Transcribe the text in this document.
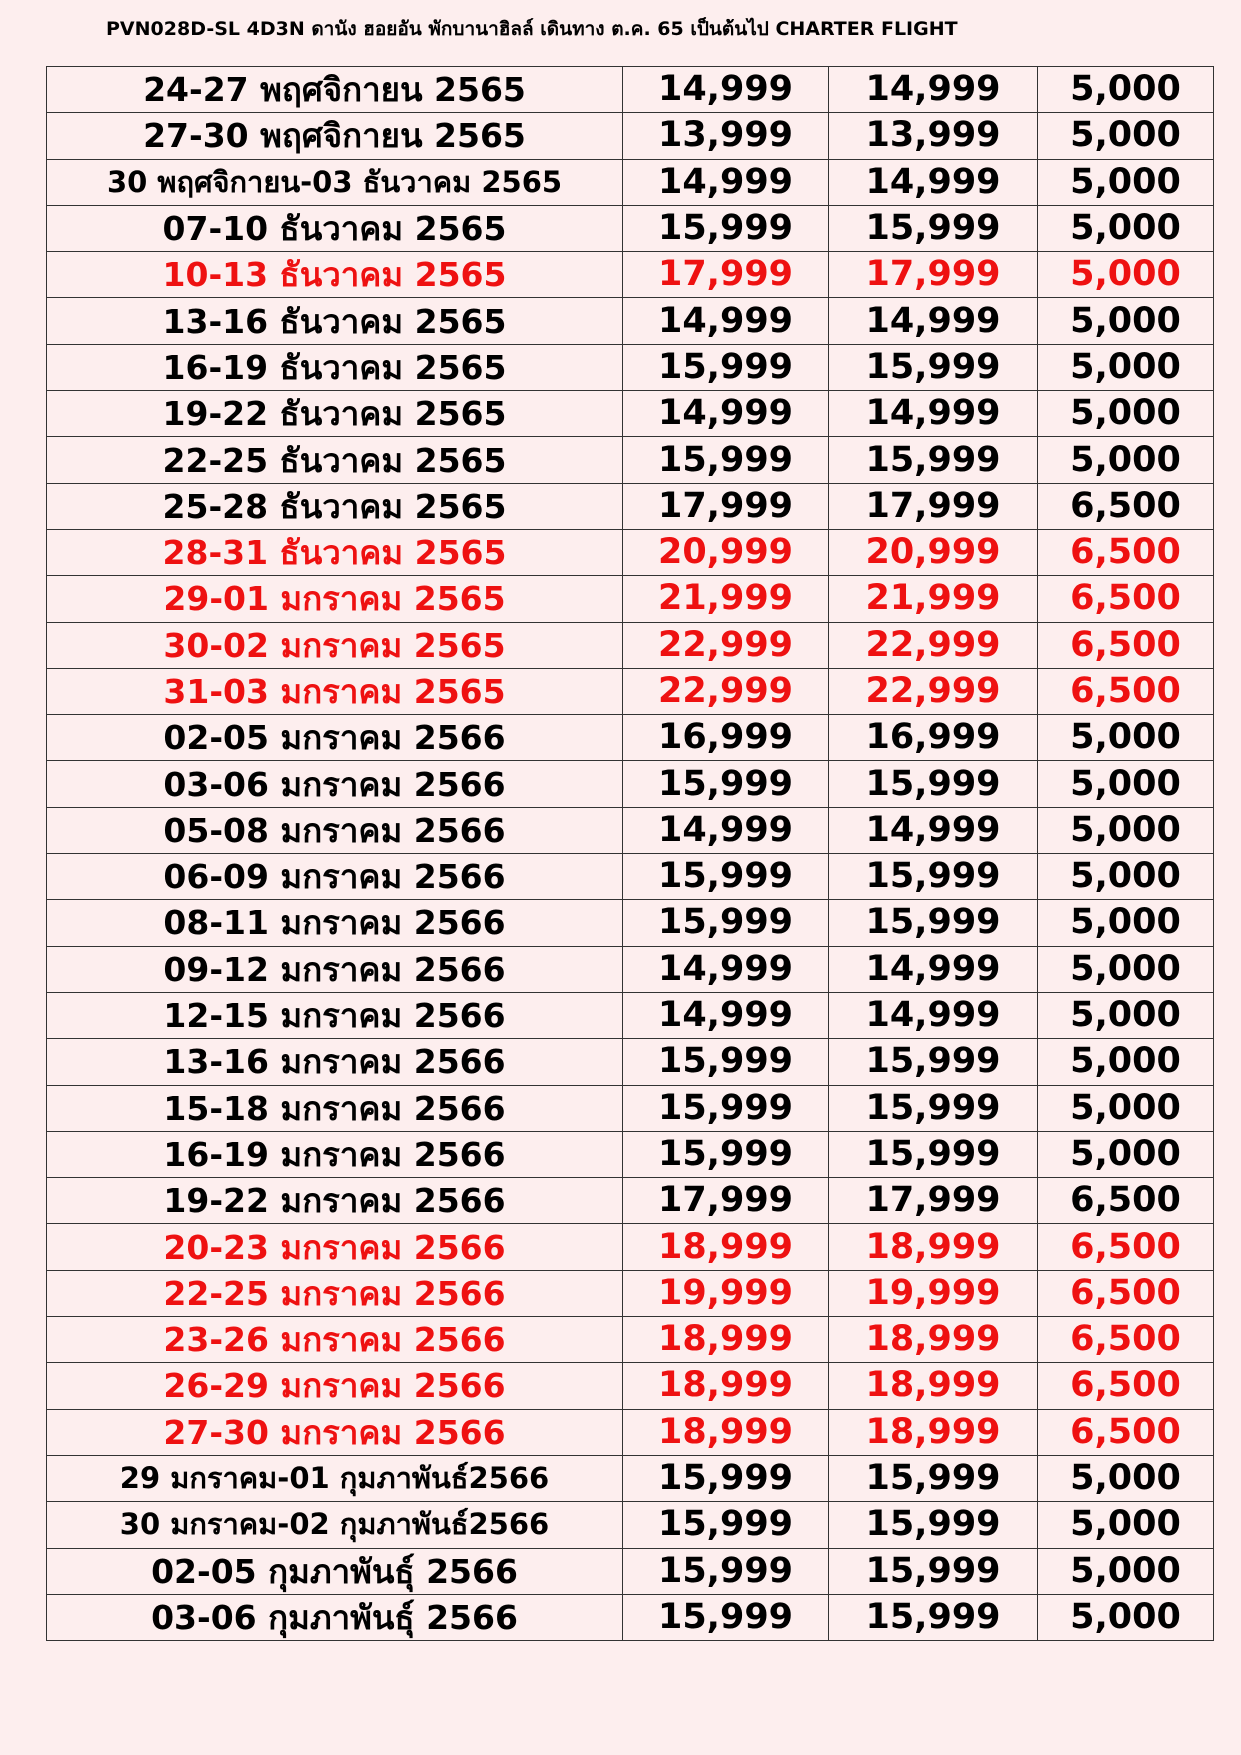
PVN028D-SL 4D3N ดานัง ฮอยอัน พักบานาฮิลล์ เดินทาง ต.ค. 65 เป็นต้นไป CHARTER FLIGHT
24-27 พฤศจิกายน 2565	14,999	14,999	5,000
27-30 พฤศจิกายน 2565	13,999	13,999	5,000
30 พฤศจิกายน-03 ธันวาคม 2565	14,999	14,999	5,000
07-10 ธันวาคม 2565	15,999	15,999	5,000
10-13 ธันวาคม 2565	17,999	17,999	5,000
13-16 ธันวาคม 2565	14,999	14,999	5,000
16-19 ธันวาคม 2565	15,999	15,999	5,000
19-22 ธันวาคม 2565	14,999	14,999	5,000
22-25 ธันวาคม 2565	15,999	15,999	5,000
25-28 ธันวาคม 2565	17,999	17,999	6,500
28-31 ธันวาคม 2565	20,999	20,999	6,500
29-01 มกราคม 2565	21,999	21,999	6,500
30-02 มกราคม 2565	22,999	22,999	6,500
31-03 มกราคม 2565	22,999	22,999	6,500
02-05 มกราคม 2566	16,999	16,999	5,000
03-06 มกราคม 2566	15,999	15,999	5,000
05-08 มกราคม 2566	14,999	14,999	5,000
06-09 มกราคม 2566	15,999	15,999	5,000
08-11 มกราคม 2566	15,999	15,999	5,000
09-12 มกราคม 2566	14,999	14,999	5,000
12-15 มกราคม 2566	14,999	14,999	5,000
13-16 มกราคม 2566	15,999	15,999	5,000
15-18 มกราคม 2566	15,999	15,999	5,000
16-19 มกราคม 2566	15,999	15,999	5,000
19-22 มกราคม 2566	17,999	17,999	6,500
20-23 มกราคม 2566	18,999	18,999	6,500
22-25 มกราคม 2566	19,999	19,999	6,500
23-26 มกราคม 2566	18,999	18,999	6,500
26-29 มกราคม 2566	18,999	18,999	6,500
27-30 มกราคม 2566	18,999	18,999	6,500
29 มกราคม-01 กุมภาพันธ์2566	15,999	15,999	5,000
30 มกราคม-02 กุมภาพันธ์2566	15,999	15,999	5,000
02-05 กุมภาพันธุ์ 2566	15,999	15,999	5,000
03-06 กุมภาพันธุ์ 2566	15,999	15,999	5,000
